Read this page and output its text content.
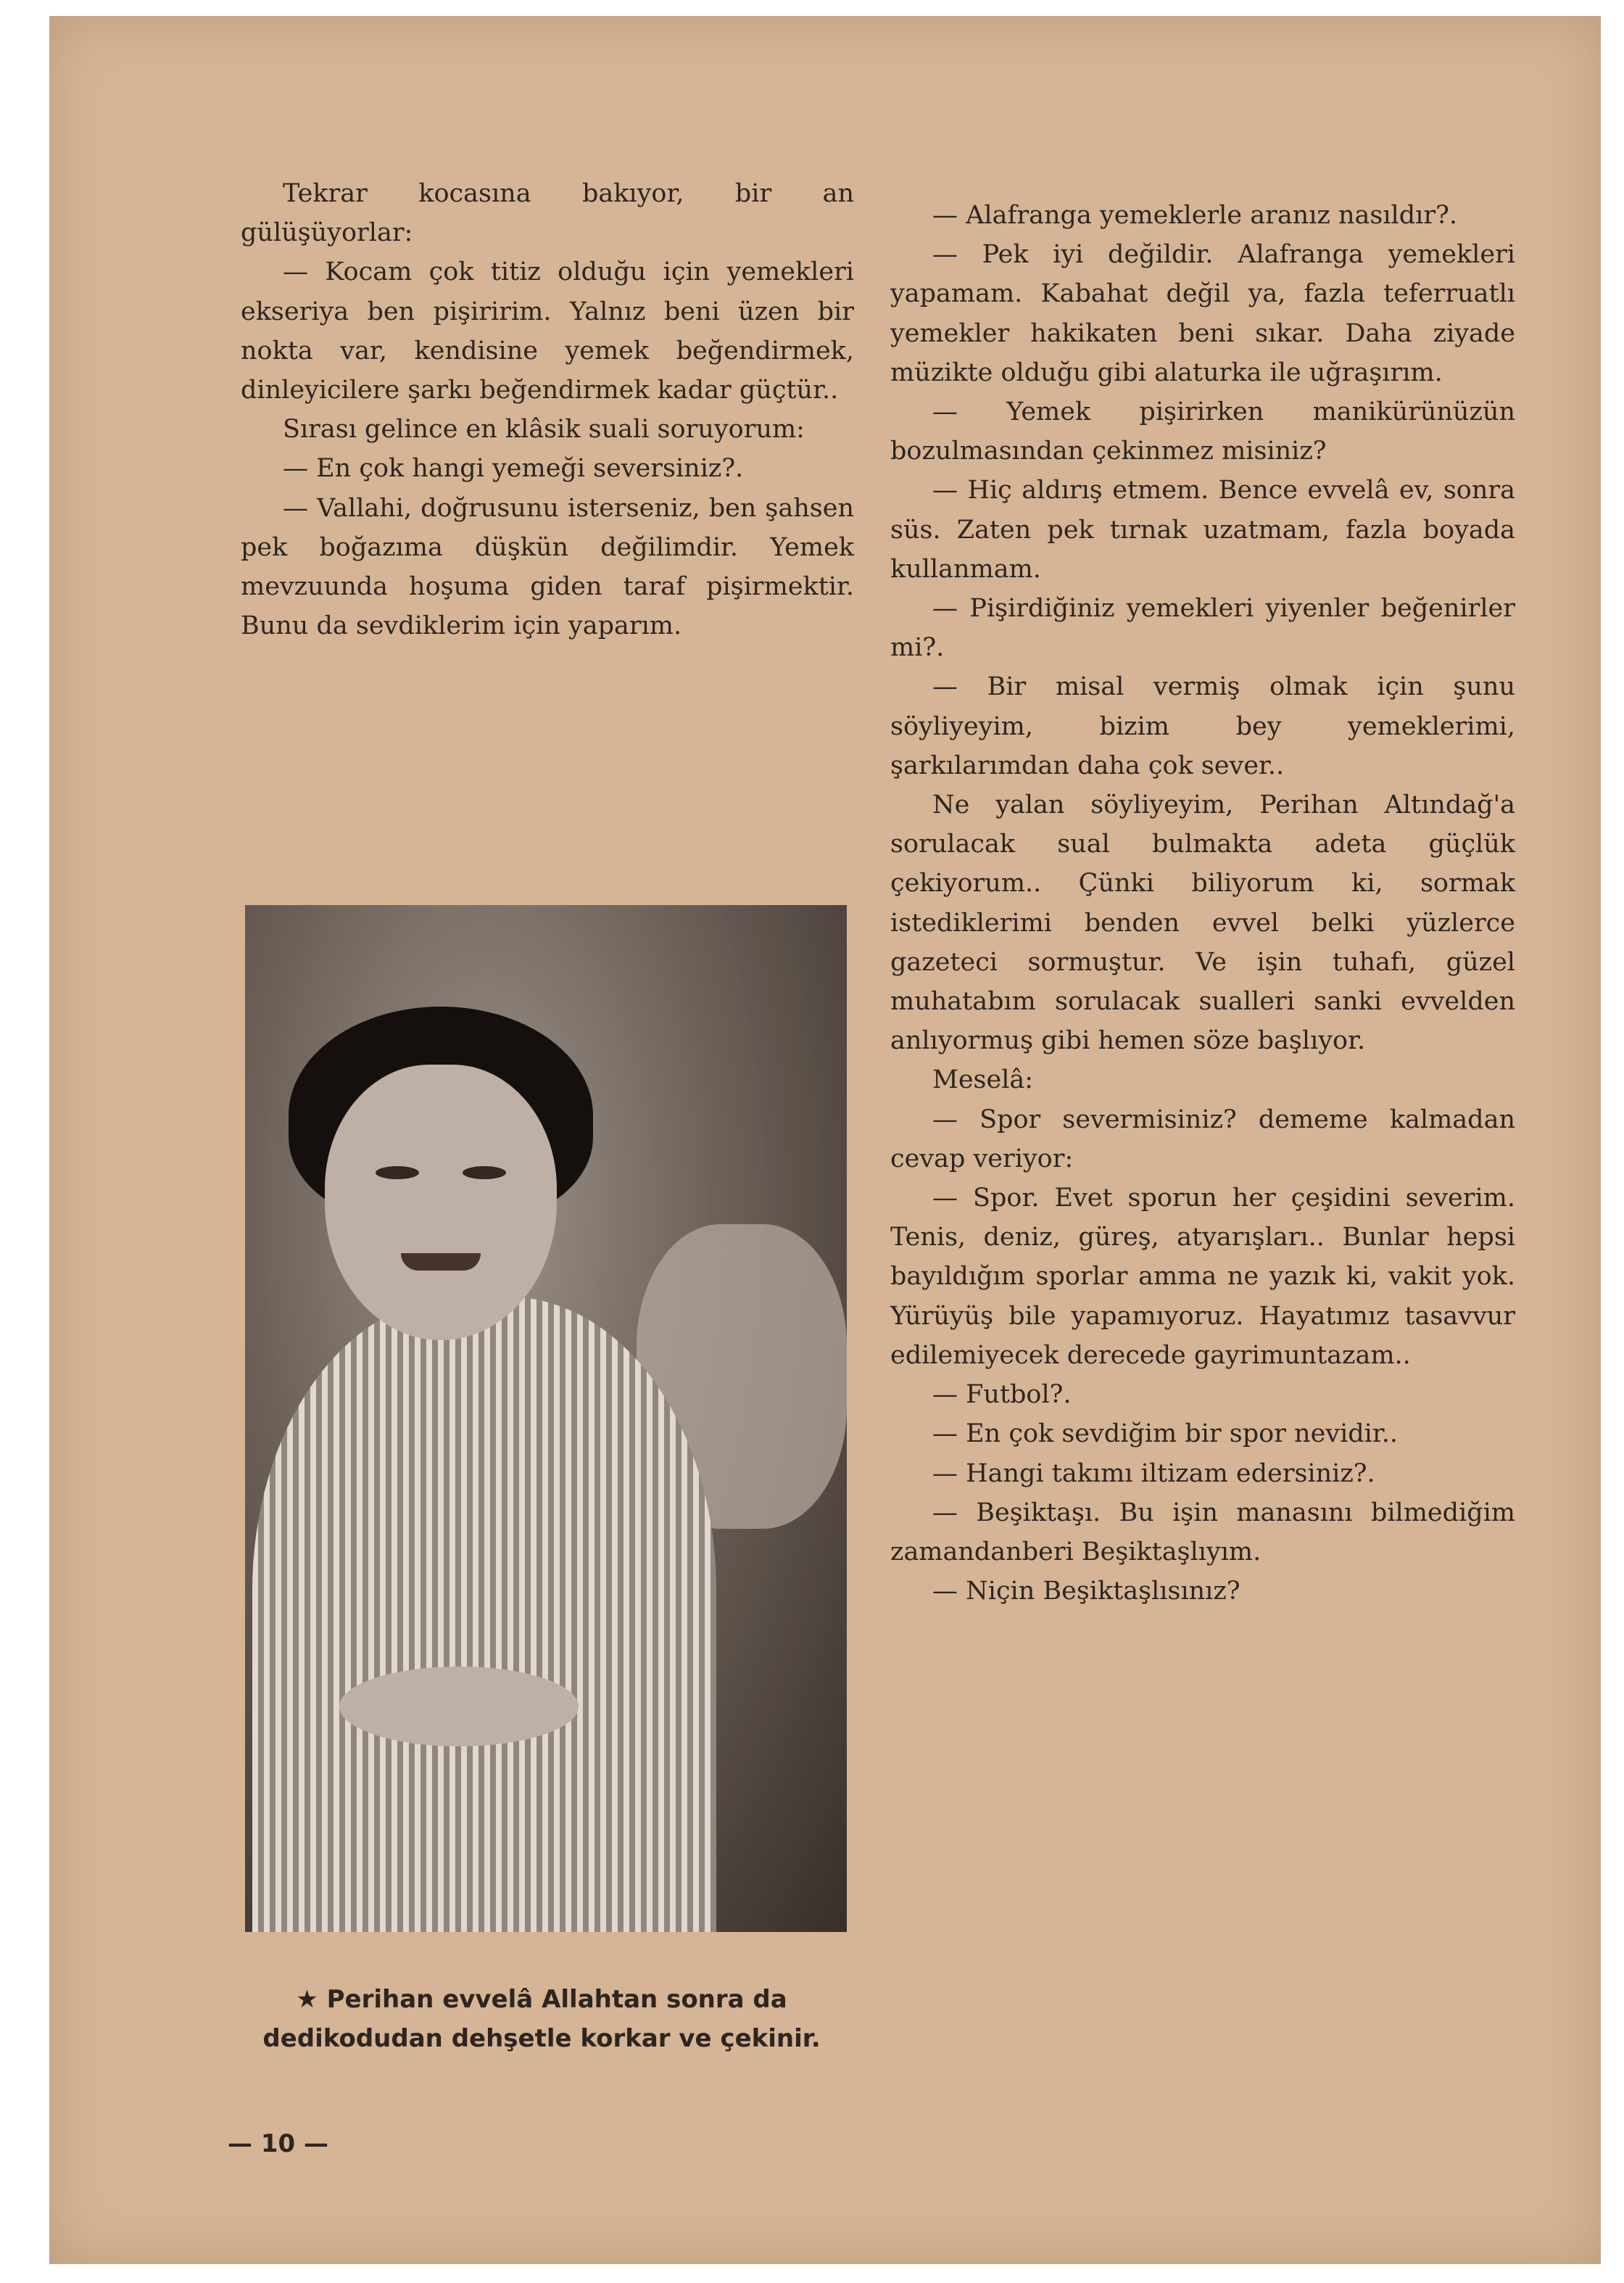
Tekrar kocasına bakıyor, bir an gülüşüyorlar:

— Kocam çok titiz olduğu için yemekleri ekseriya ben pişiririm. Yalnız beni üzen bir nokta var, kendisine yemek beğendirmek, dinleyicilere şarkı beğendirmek kadar güçtür..

Sırası gelince en klâsik suali soruyorum:

— En çok hangi yemeği seversiniz?.

— Vallahi, doğrusunu isterseniz, ben şahsen pek boğazıma düşkün değilimdir. Yemek mevzuunda hoşuma giden taraf pişirmektir. Bunu da sevdiklerim için yaparım.

★ Perihan evvelâ Allahtan sonra da dedikodudan dehşetle korkar ve çekinir.
— 10 —

— Alafranga yemeklerle aranız nasıldır?.

— Pek iyi değildir. Alafranga yemekleri yapamam. Kabahat değil ya, fazla teferruatlı yemekler hakikaten beni sıkar. Daha ziyade müzikte olduğu gibi alaturka ile uğraşırım.

— Yemek pişirirken manikürünüzün bozulmasından çekinmez misiniz?

— Hiç aldırış etmem. Bence evvelâ ev, sonra süs. Zaten pek tırnak uzatmam, fazla boyada kullanmam.

— Pişirdiğiniz yemekleri yiyenler beğenirler mi?.

— Bir misal vermiş olmak için şunu söyliyeyim, bizim bey yemeklerimi, şarkılarımdan daha çok sever..

Ne yalan söyliyeyim, Perihan Altındağ'a sorulacak sual bulmakta adeta güçlük çekiyorum.. Çünki biliyorum ki, sormak istediklerimi benden evvel belki yüzlerce gazeteci sormuştur. Ve işin tuhafı, güzel muhatabım sorulacak sualleri sanki evvelden anlıyormuş gibi hemen söze başlıyor.

Meselâ:

— Spor severmisiniz? dememe kalmadan cevap veriyor:

— Spor. Evet sporun her çeşidini severim. Tenis, deniz, güreş, atyarışları.. Bunlar hepsi bayıldığım sporlar amma ne yazık ki, vakit yok. Yürüyüş bile yapamıyoruz. Hayatımız tasavvur edilemiyecek derecede gayrimuntazam..

— Futbol?.

— En çok sevdiğim bir spor nevidir..

— Hangi takımı iltizam edersiniz?.

— Beşiktaşı. Bu işin manasını bilmediğim zamandanberi Beşiktaşlıyım.

— Niçin Beşiktaşlısınız?
